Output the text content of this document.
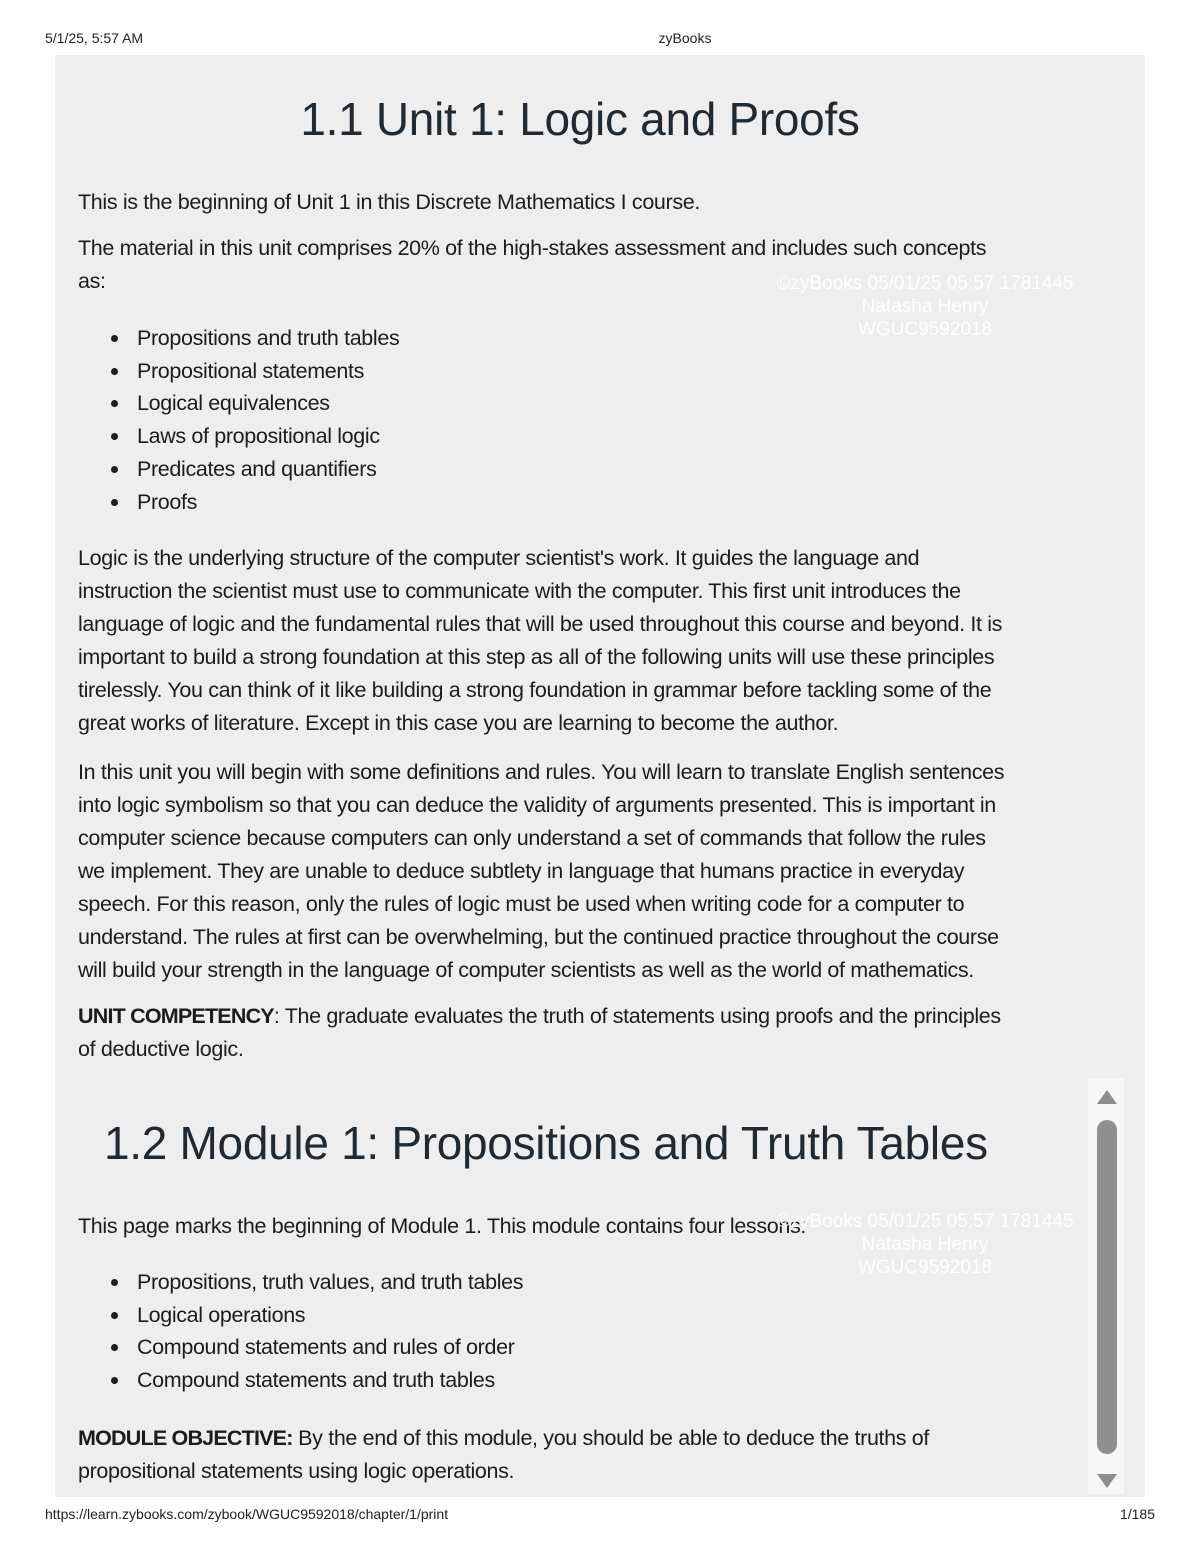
5/1/25, 5:57 AM	zyBooks
1.1 Unit 1: Logic and Proofs

This is the beginning of Unit 1 in this Discrete Mathematics I course.

The material in this unit comprises 20% of the high-stakes assessment and includes such concepts
as:	©zyBooks 05/01/25 05:57 1781445
Natasha Henry
WGUC9592018
Propositions and truth tables
Propositional statements
Logical equivalences
Laws of propositional logic
Predicates and quantifiers
Proofs
Logic is the underlying structure of the computer scientist's work. It guides the language and
instruction the scientist must use to communicate with the computer. This first unit introduces the
language of logic and the fundamental rules that will be used throughout this course and beyond. It is
important to build a strong foundation at this step as all of the following units will use these principles
tirelessly. You can think of it like building a strong foundation in grammar before tackling some of the
great works of literature. Except in this case you are learning to become the author.
In this unit you will begin with some definitions and rules. You will learn to translate English sentences
into logic symbolism so that you can deduce the validity of arguments presented. This is important in
computer science because computers can only understand a set of commands that follow the rules
we implement. They are unable to deduce subtlety in language that humans practice in everyday
speech. For this reason, only the rules of logic must be used when writing code for a computer to
understand. The rules at first can be overwhelming, but the continued practice throughout the course
will build your strength in the language of computer scientists as well as the world of mathematics.
UNIT COMPETENCY: The graduate evaluates the truth of statements using proofs and the principles
of deductive logic.
1.2 Module 1: Propositions and Truth Tables

This page marks the beginning of Module 1. This module contains four lessons:

©zyBooks 05/01/25 05:57 1781445
Natasha Henry
WGUC9592018
Propositions, truth values, and truth tables
Logical operations
Compound statements and rules of order
Compound statements and truth tables
MODULE OBJECTIVE: By the end of this module, you should be able to deduce the truths of
propositional statements using logic operations.
https://learn.zybooks.com/zybook/WGUC9592018/chapter/1/print	1/185
